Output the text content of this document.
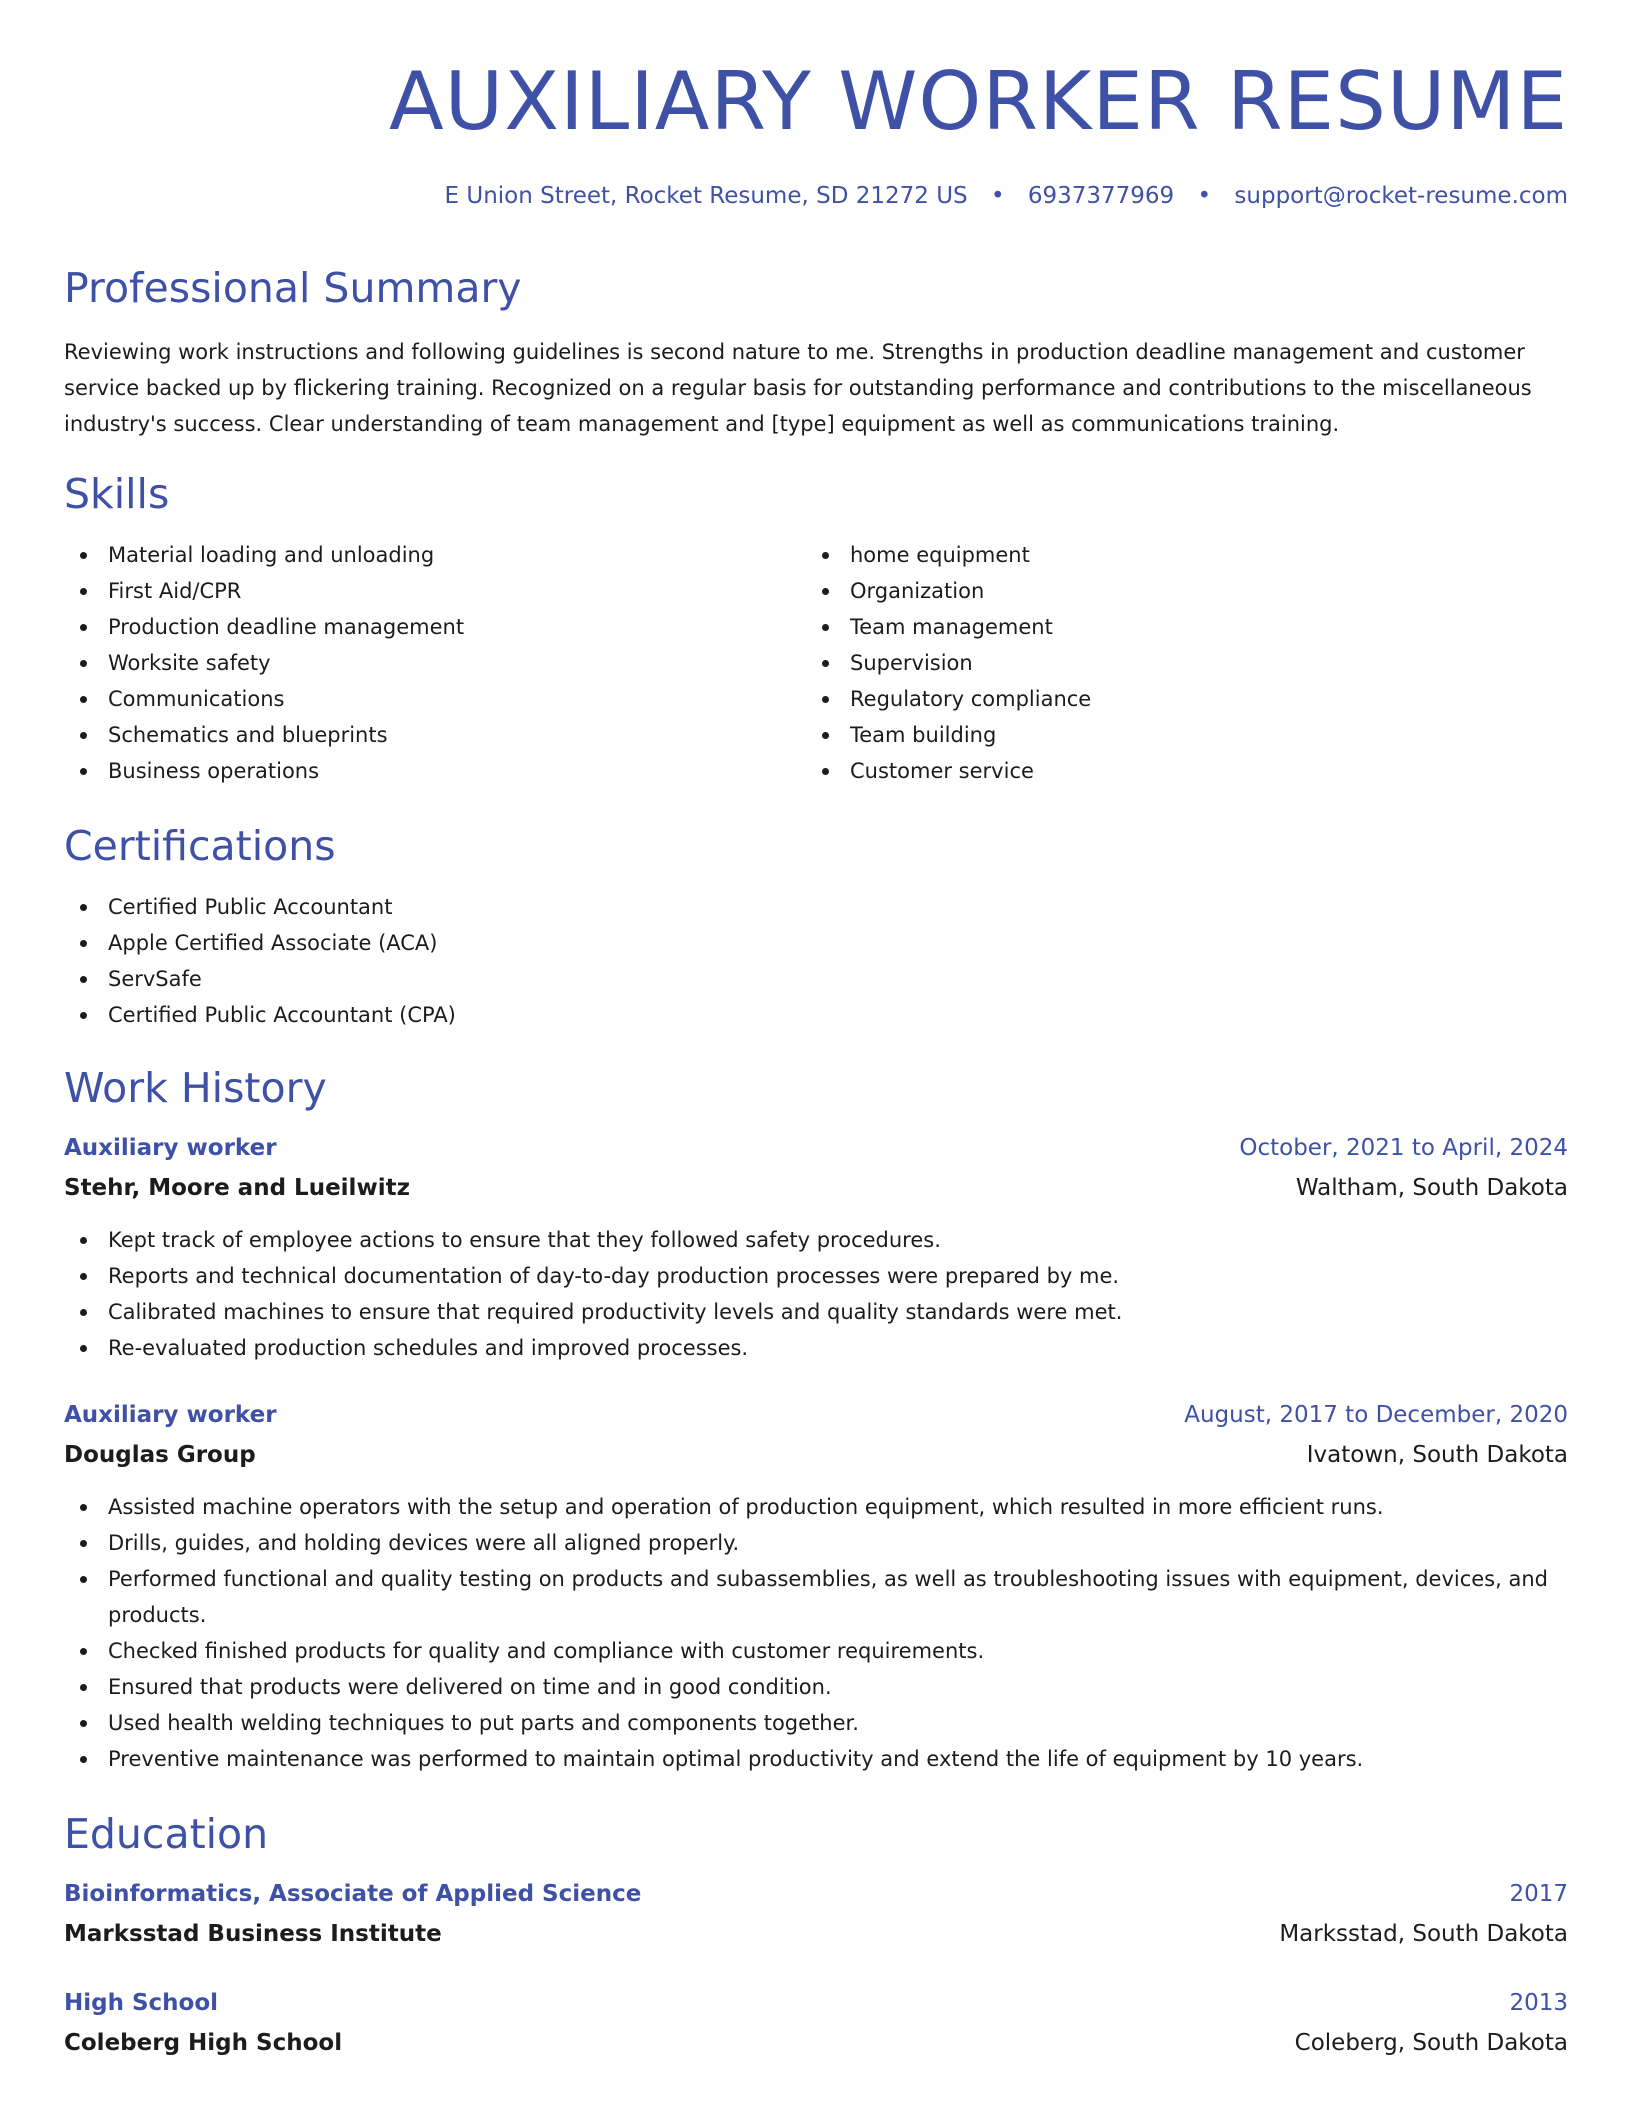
AUXILIARY WORKER RESUME
E Union Street, Rocket Resume, SD 21272 US • 6937377969 • support@rocket-resume.com
Professional Summary

Reviewing work instructions and following guidelines is second nature to me. Strengths in production deadline management and customer service backed up by flickering training. Recognized on a regular basis for outstanding performance and contributions to the miscellaneous industry's success. Clear understanding of team management and [type] equipment as well as communications training.

Skills
Material loading and unloading
First Aid/CPR
Production deadline management
Worksite safety
Communications
Schematics and blueprints
Business operations
home equipment
Organization
Team management
Supervision
Regulatory compliance
Team building
Customer service
Certifications
Certified Public Accountant
Apple Certified Associate (ACA)
ServSafe
Certified Public Accountant (CPA)
Work History
Auxiliary worker	October, 2021 to April, 2024
Stehr, Moore and Lueilwitz	Waltham, South Dakota
Kept track of employee actions to ensure that they followed safety procedures.
Reports and technical documentation of day-to-day production processes were prepared by me.
Calibrated machines to ensure that required productivity levels and quality standards were met.
Re-evaluated production schedules and improved processes.
Auxiliary worker	August, 2017 to December, 2020
Douglas Group	Ivatown, South Dakota
Assisted machine operators with the setup and operation of production equipment, which resulted in more efficient runs.
Drills, guides, and holding devices were all aligned properly.
Performed functional and quality testing on products and subassemblies, as well as troubleshooting issues with equipment, devices, and products.
Checked finished products for quality and compliance with customer requirements.
Ensured that products were delivered on time and in good condition.
Used health welding techniques to put parts and components together.
Preventive maintenance was performed to maintain optimal productivity and extend the life of equipment by 10 years.
Education
Bioinformatics, Associate of Applied Science	2017
Marksstad Business Institute	Marksstad, South Dakota
High School	2013
Coleberg High School	Coleberg, South Dakota
